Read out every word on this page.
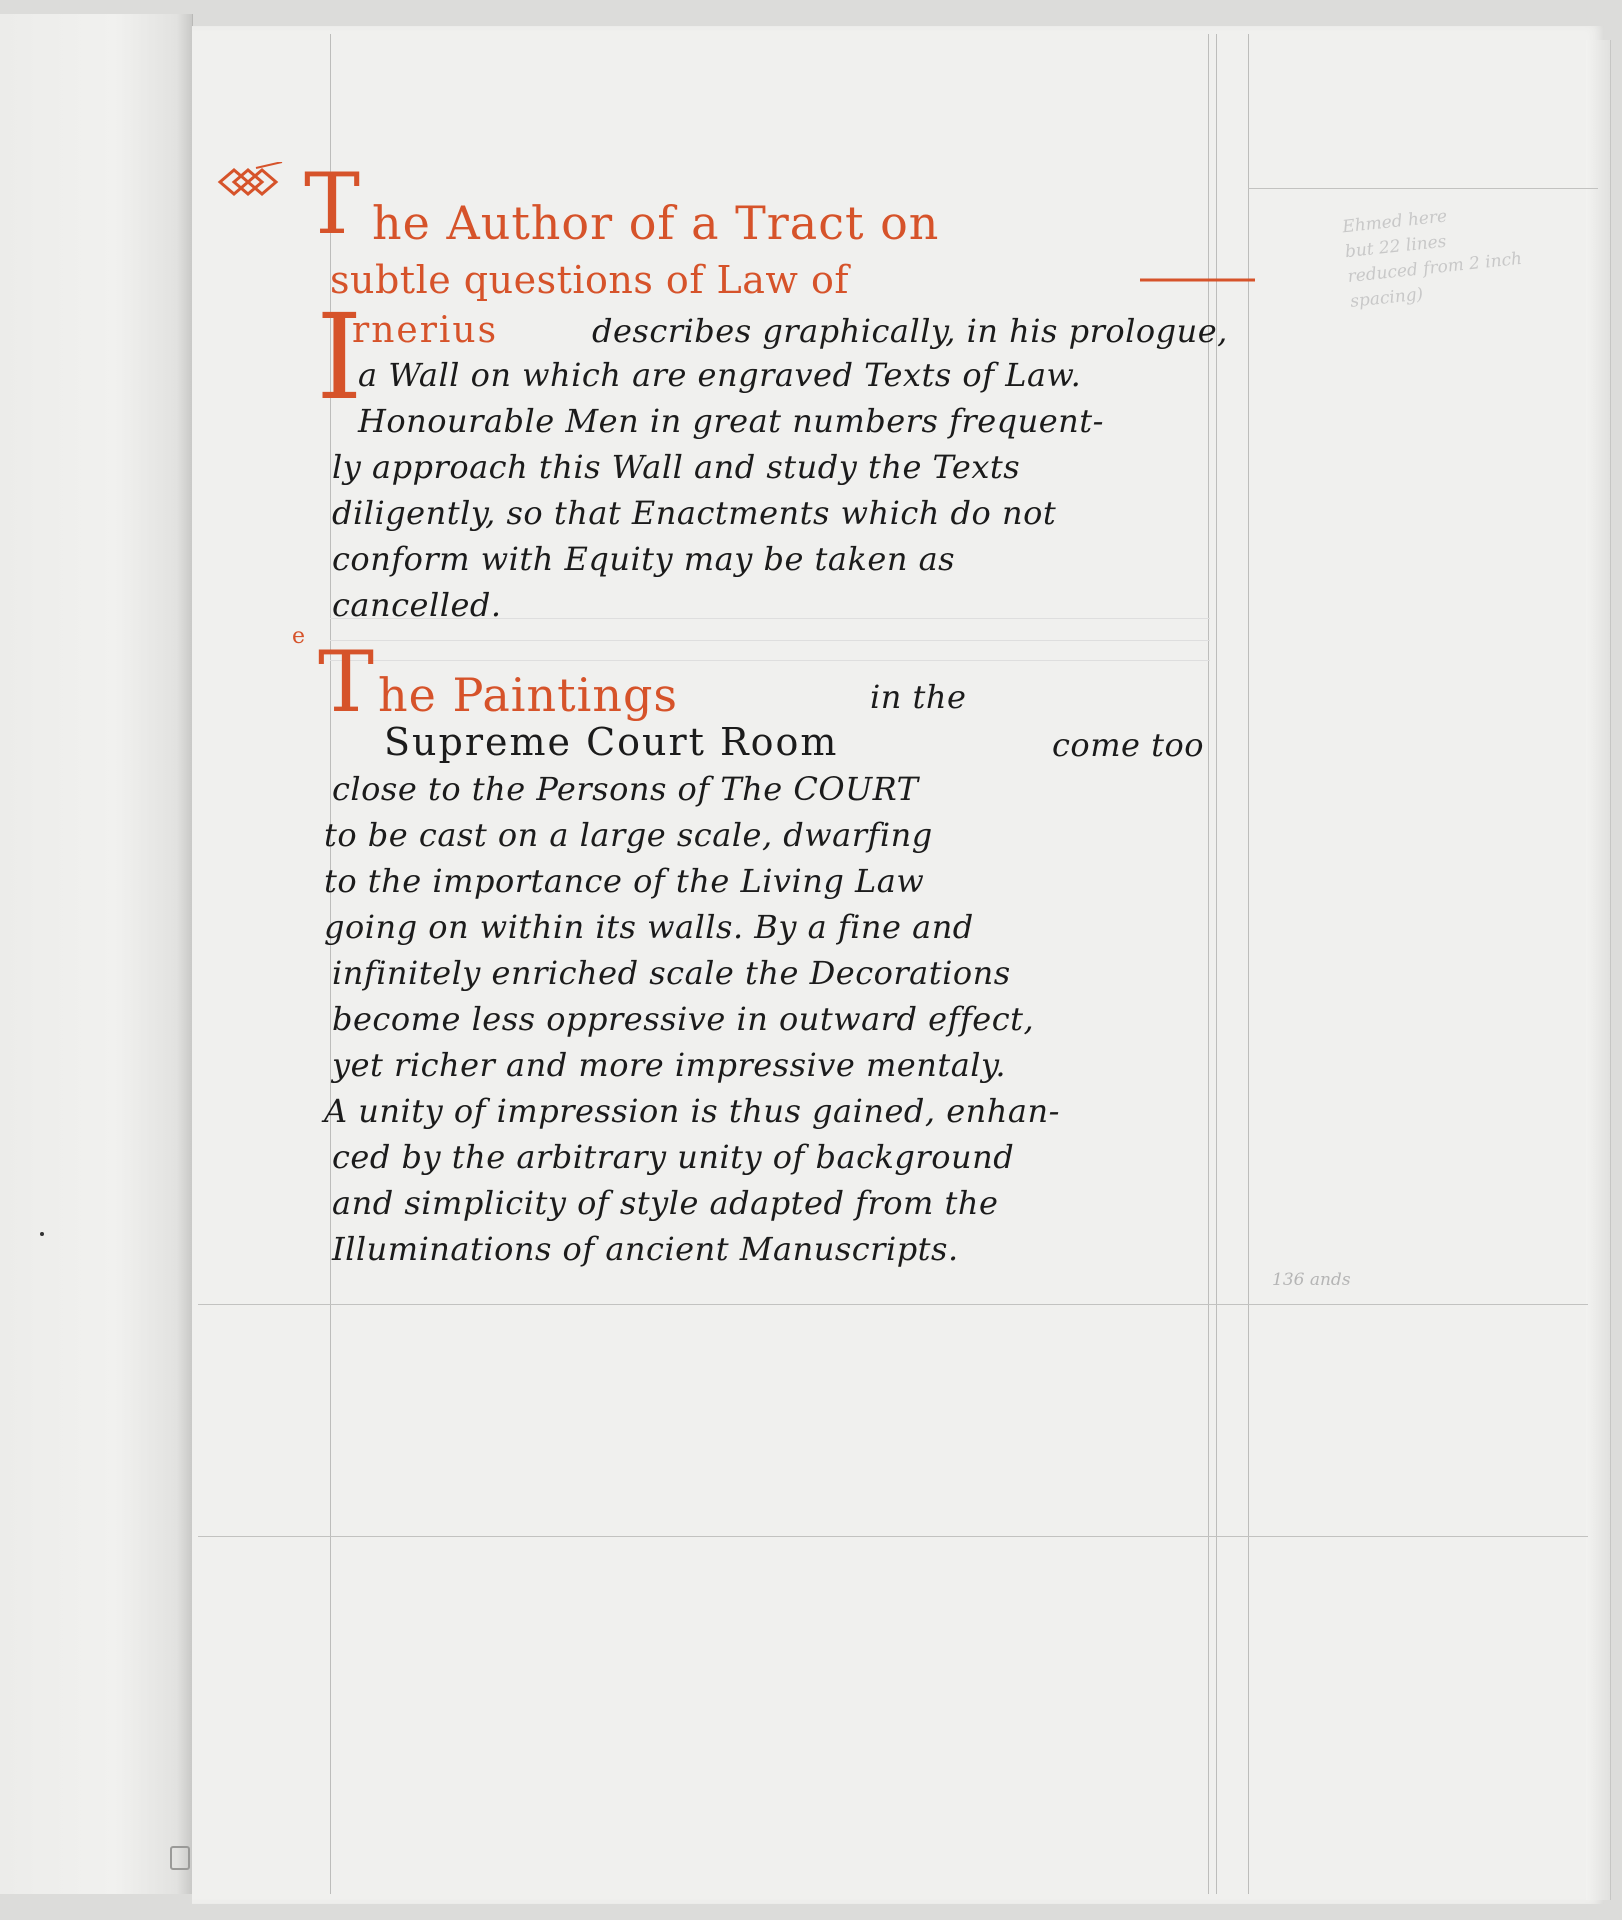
T he Author of a Tract on
subtle questions of Law of
I
rnerius	describes graphically, in his prologue,
a Wall on which are engraved Texts of Law.
Honourable Men in great numbers frequent-
ly approach this Wall and study the Texts
diligently, so that Enactments which do not
conform with Equity may be taken as
cancelled.
e T he Paintings	in the
Supreme Court Room	come too
close to the Persons of The COURT
to be cast on a large scale, dwarfing
to the importance of the Living Law
going on within its walls. By a fine and
infinitely enriched scale the Decorations
become less oppressive in outward effect,
yet richer and more impressive mentaly.
A unity of impression is thus gained, enhan-
ced by the arbitrary unity of background
and simplicity of style adapted from the
Illuminations of ancient Manuscripts.
Ehmed here
but 22 lines
reduced from 2 inch
spacing)
136 ands
